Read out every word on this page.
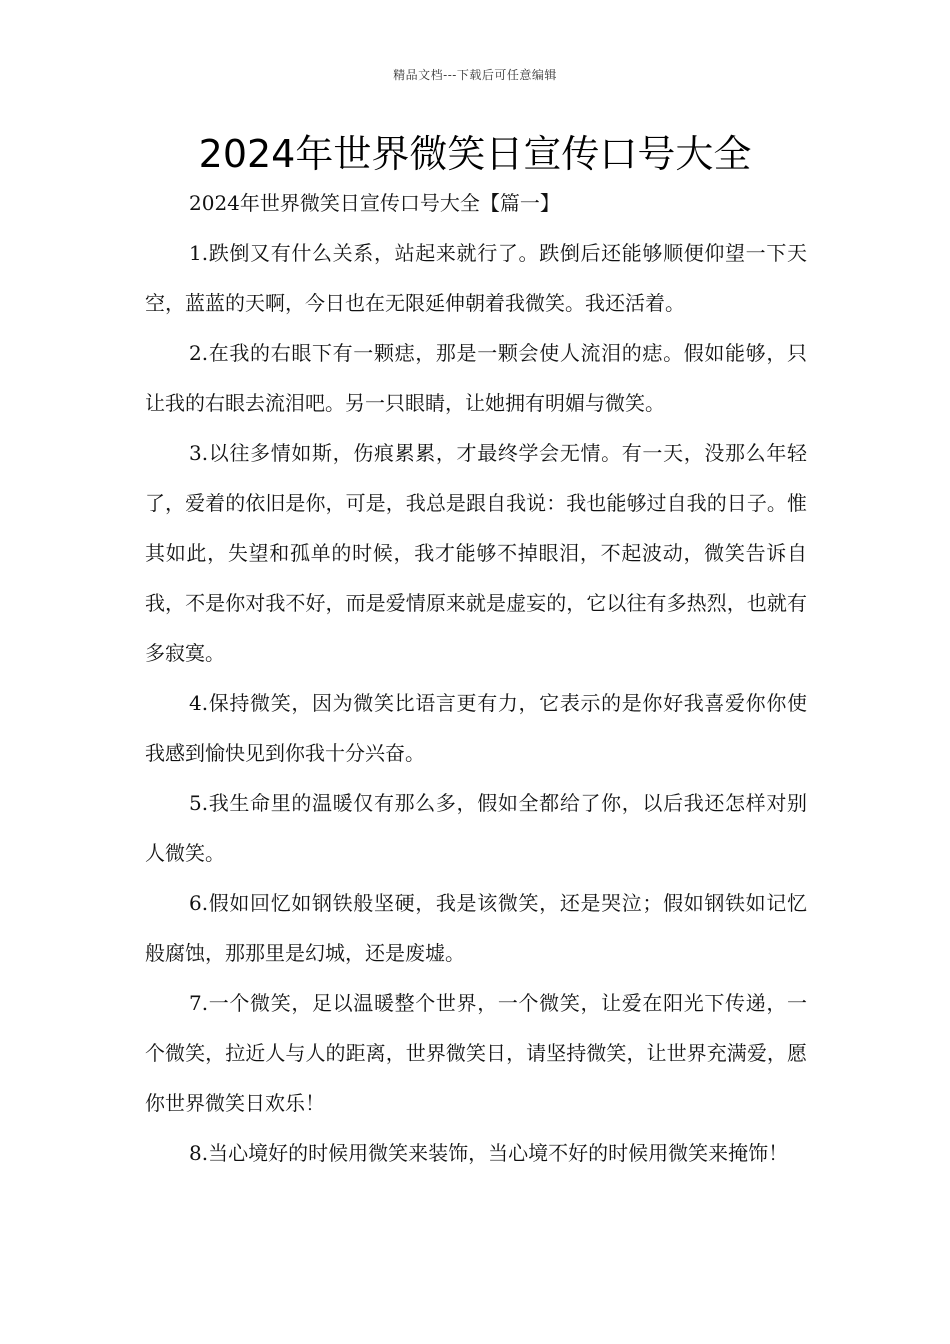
精品文档---下载后可任意编辑
2024年世界微笑日宣传口号大全

2024年世界微笑日宣传口号大全【篇一】

1.跌倒又有什么关系，站起来就行了。跌倒后还能够顺便仰望一下天空，蓝蓝的天啊，今日也在无限延伸朝着我微笑。我还活着。

2.在我的右眼下有一颗痣，那是一颗会使人流泪的痣。假如能够，只让我的右眼去流泪吧。另一只眼睛，让她拥有明媚与微笑。

3.以往多情如斯，伤痕累累，才最终学会无情。有一天，没那么年轻了，爱着的依旧是你，可是，我总是跟自我说：我也能够过自我的日子。惟其如此，失望和孤单的时候，我才能够不掉眼泪，不起波动，微笑告诉自我，不是你对我不好，而是爱情原来就是虚妄的，它以往有多热烈，也就有多寂寞。

4.保持微笑，因为微笑比语言更有力，它表示的是你好我喜爱你你使我感到愉快见到你我十分兴奋。

5.我生命里的温暖仅有那么多，假如全都给了你，以后我还怎样对别人微笑。

6.假如回忆如钢铁般坚硬，我是该微笑，还是哭泣；假如钢铁如记忆般腐蚀，那那里是幻城，还是废墟。

7.一个微笑，足以温暖整个世界，一个微笑，让爱在阳光下传递，一个微笑，拉近人与人的距离，世界微笑日，请坚持微笑，让世界充满爱，愿你世界微笑日欢乐！

8.当心境好的时候用微笑来装饰，当心境不好的时候用微笑来掩饰！
